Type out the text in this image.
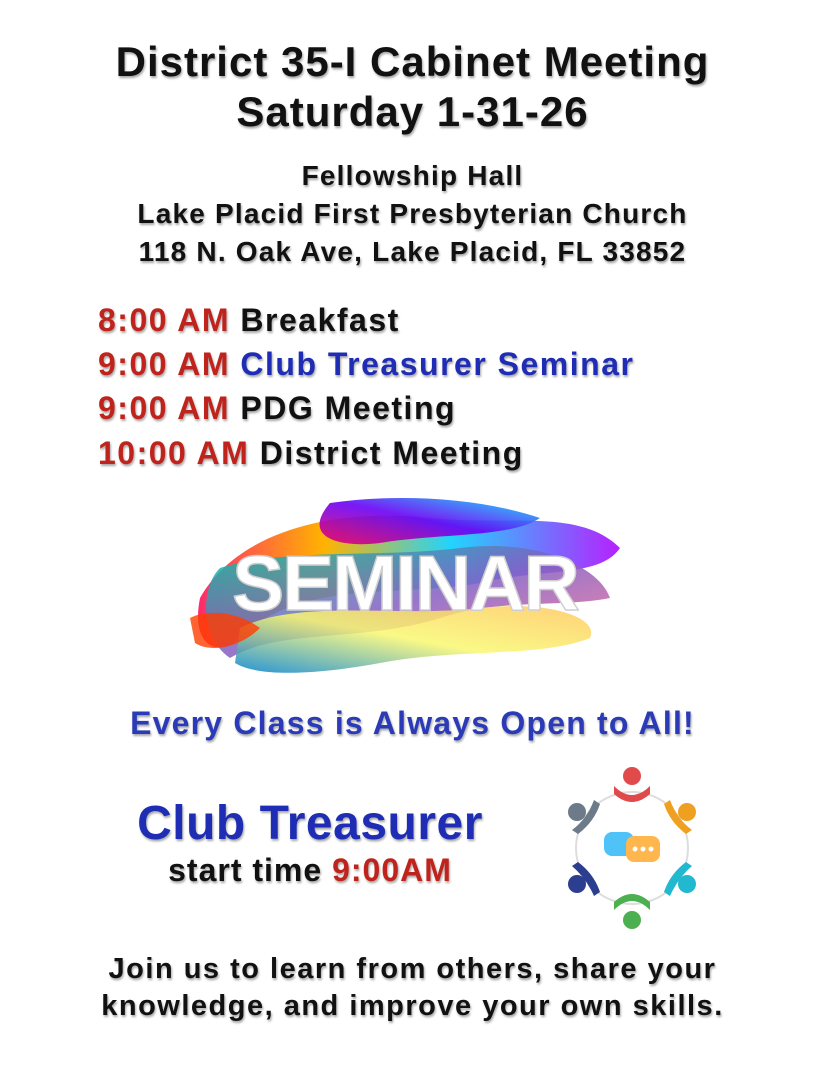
District 35-I Cabinet Meeting
Saturday 1-31-26
Fellowship Hall
Lake Placid First Presbyterian Church
118 N. Oak Ave, Lake Placid, FL 33852
8:00 AM Breakfast
9:00 AM Club Treasurer Seminar
9:00 AM PDG Meeting
10:00 AM District Meeting
SEMINAR
Every Class is Always Open to All!
Club Treasurer
start time 9:00AM
Join us to learn from others, share your
knowledge, and improve your own skills.
